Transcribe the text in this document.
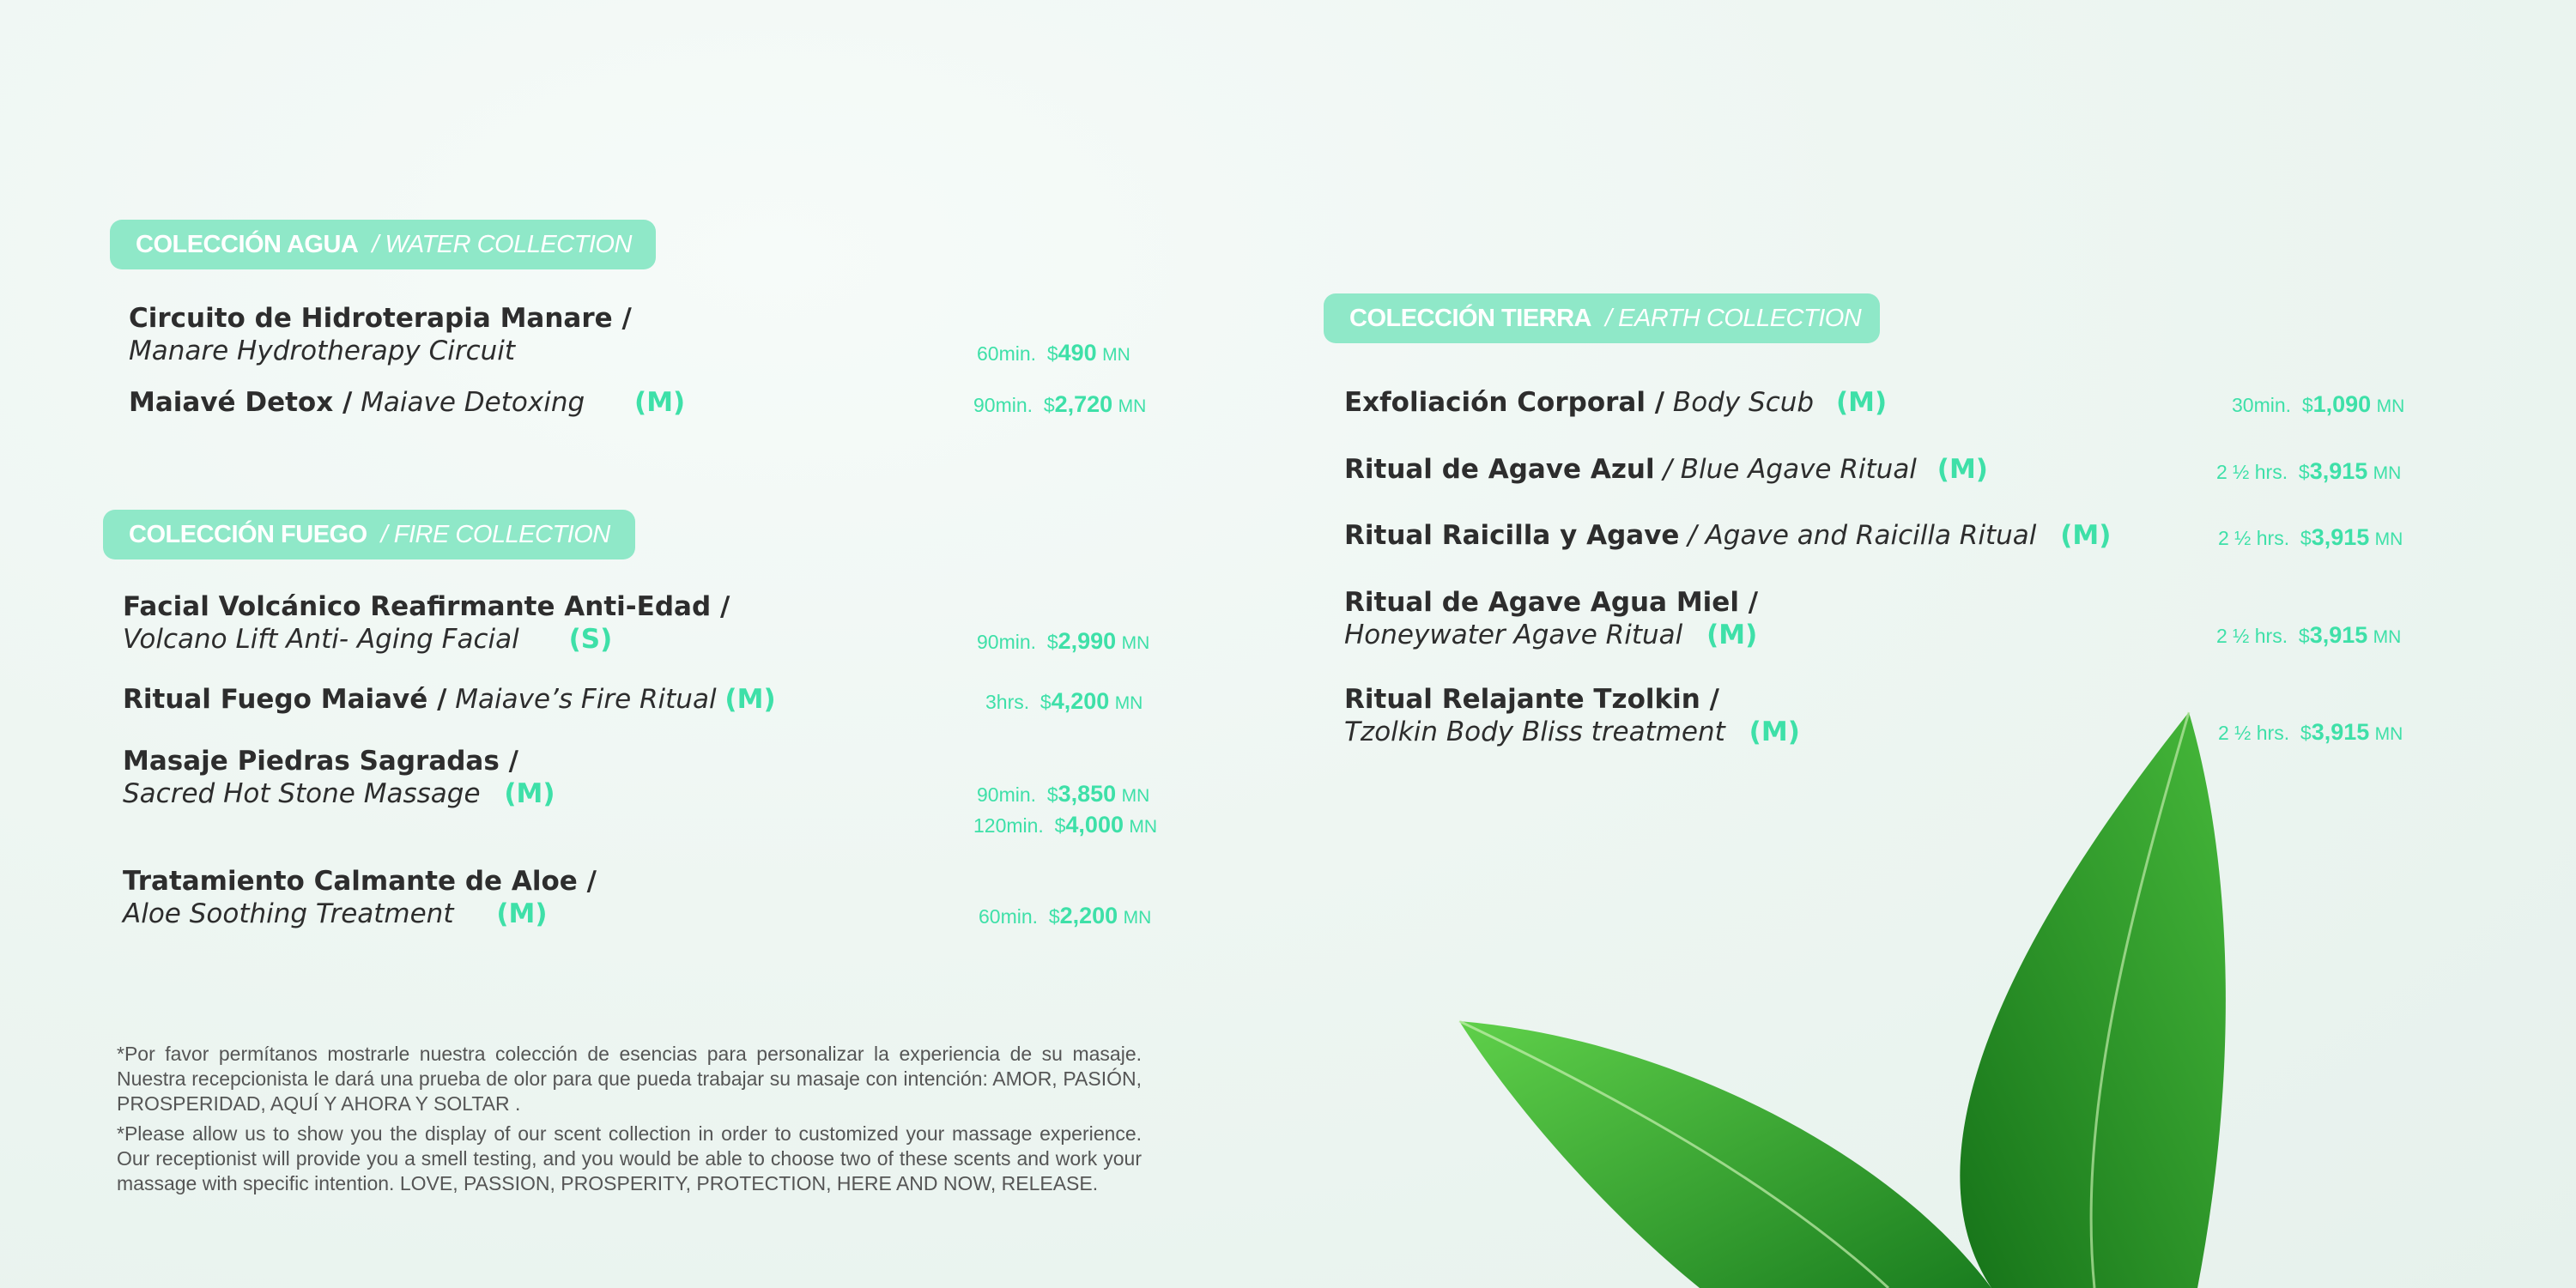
COLECCIÓN AGUA / WATER COLLECTION
Circuito de Hidroterapia Manare /
Manare Hydrotherapy Circuit	60min. $490 MN
Maiavé Detox / Maiave Detoxing (M)	90min. $2,720 MN
COLECCIÓN FUEGO / FIRE COLLECTION
Facial Volcánico Reafirmante Anti-Edad /
Volcano Lift Anti- Aging Facial (S)	90min. $2,990 MN
Ritual Fuego Maiavé / Maiave’s Fire Ritual (M)	3hrs. $4,200 MN
Masaje Piedras Sagradas /
Sacred Hot Stone Massage (M)	90min. $3,850 MN
120min. $4,000 MN
Tratamiento Calmante de Aloe /
Aloe Soothing Treatment (M)	60min. $2,200 MN
COLECCIÓN TIERRA / EARTH COLLECTION
Exfoliación Corporal / Body Scub (M)	30min. $1,090 MN
Ritual de Agave Azul / Blue Agave Ritual (M)	2 ½ hrs. $3,915 MN
Ritual Raicilla y Agave / Agave and Raicilla Ritual (M)	2 ½ hrs. $3,915 MN
Ritual de Agave Agua Miel /
Honeywater Agave Ritual (M)	2 ½ hrs. $3,915 MN
Ritual Relajante Tzolkin /
Tzolkin Body Bliss treatment (M)	2 ½ hrs. $3,915 MN

*Por favor permítanos mostrarle nuestra colección de esencias para personalizar la experiencia de su masaje. Nuestra recepcionista le dará una prueba de olor para que pueda trabajar su masaje con intención: AMOR, PASIÓN, PROSPERIDAD, AQUÍ Y AHORA Y SOLTAR .

*Please allow us to show you the display of our scent collection in order to customized your massage experience. Our receptionist will provide you a smell testing, and you would be able to choose two of these scents and work your massage with specific intention. LOVE, PASSION, PROSPERITY, PROTECTION, HERE AND NOW, RELEASE.
